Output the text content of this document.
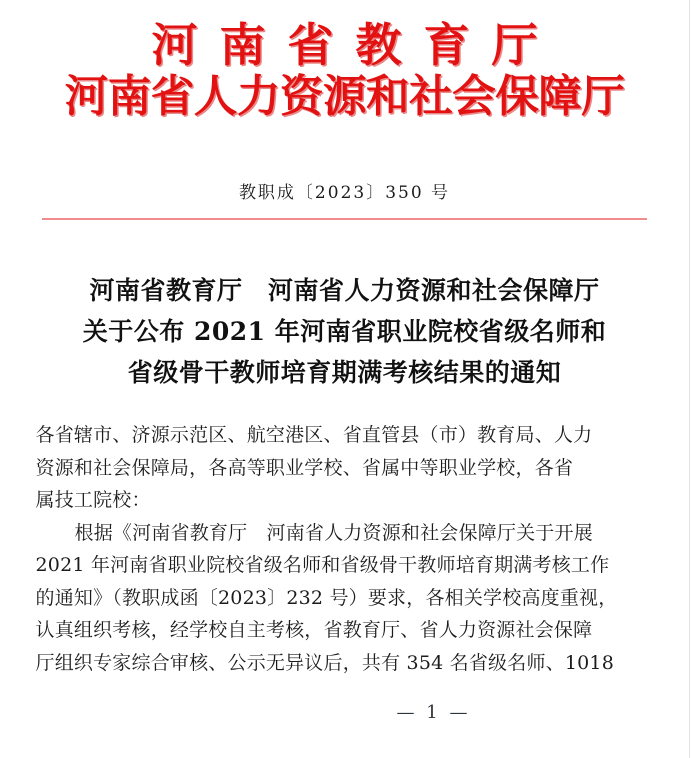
河南省教育厅
河南省人力资源和社会保障厅
教职成〔2023〕350 号
河南省教育厅　河南省人力资源和社会保障厅
关于公布 2021 年河南省职业院校省级名师和
省级骨干教师培育期满考核结果的通知
各省辖市、济源示范区、航空港区、省直管县（市）教育局、人力
资源和社会保障局，各高等职业学校、省属中等职业学校，各省
属技工院校：
根据《河南省教育厅　河南省人力资源和社会保障厅关于开展
2021 年河南省职业院校省级名师和省级骨干教师培育期满考核工作
的通知》（教职成函〔2023〕232 号）要求，各相关学校高度重视，
认真组织考核，经学校自主考核，省教育厅、省人力资源社会保障
厅组织专家综合审核、公示无异议后，共有 354 名省级名师、1018
— 1 —
